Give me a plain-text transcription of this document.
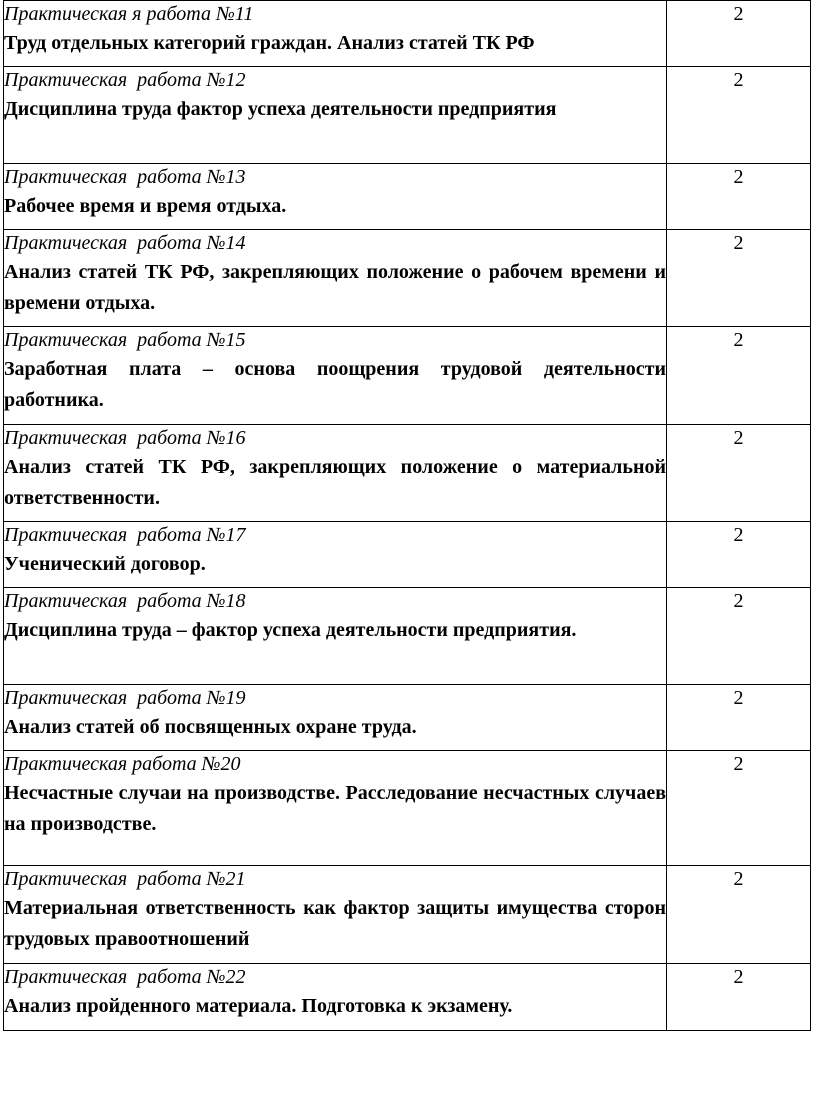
Практическая я работа №11
Труд отдельных категорий граждан. Анализ статей ТК РФ	2

Практическая  работа №12
Дисциплина труда фактор успеха деятельности предприятия	2

Практическая  работа №13
Рабочее время и время отдыха.	2

Практическая  работа №14
Анализ статей ТК РФ, закрепляющих положение о рабочем времени и времени отдыха.	2

Практическая  работа №15
Заработная плата – основа поощрения трудовой деятельности работника.	2

Практическая  работа №16
Анализ статей ТК РФ, закрепляющих положение о материальной ответственности.	2

Практическая  работа №17
Ученический договор.	2

Практическая  работа №18
Дисциплина труда – фактор успеха деятельности предприятия.	2

Практическая  работа №19
Анализ статей об посвященных охране труда.	2

Практическая работа №20
Несчастные случаи на производстве. Расследование несчастных случаев на производстве.	2

Практическая  работа №21
Материальная ответственность как фактор защиты имущества сторон трудовых правоотношений	2

Практическая  работа №22
Анализ пройденного материала. Подготовка к экзамену.	2
